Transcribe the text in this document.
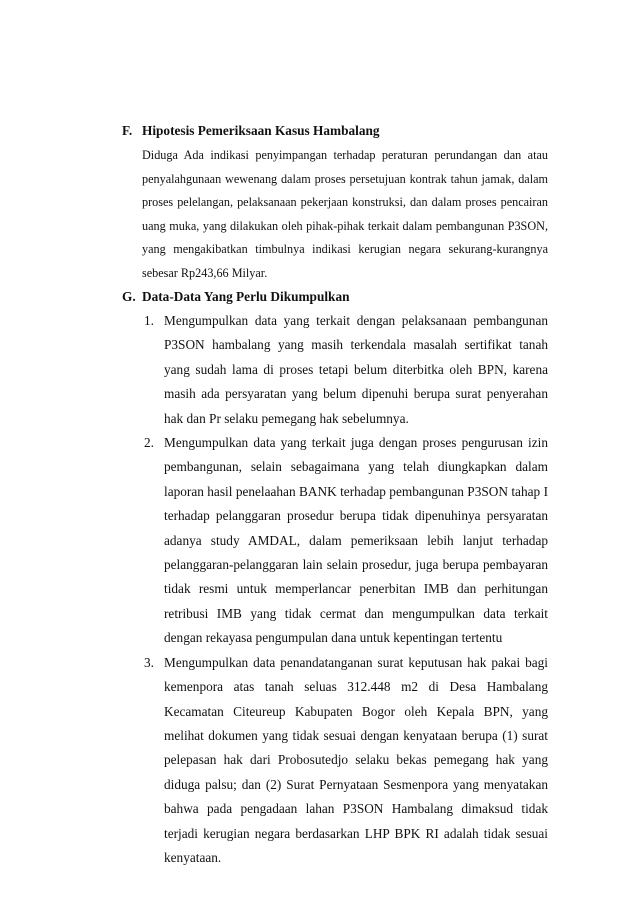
F. Hipotesis Pemeriksaan Kasus Hambalang

Diduga Ada indikasi penyimpangan terhadap peraturan perundangan dan atau penyalahgunaan wewenang dalam proses persetujuan kontrak tahun jamak, dalam proses pelelangan, pelaksanaan pekerjaan konstruksi, dan dalam proses pencairan uang muka, yang dilakukan oleh pihak-pihak terkait dalam pembangunan P3SON, yang mengakibatkan timbulnya indikasi kerugian negara sekurang-kurangnya sebesar Rp243,66 Milyar.

G. Data-Data Yang Perlu Dikumpulkan
1. Mengumpulkan data yang terkait dengan pelaksanaan pembangunan P3SON hambalang yang masih terkendala masalah sertifikat tanah yang sudah lama di proses tetapi belum diterbitka oleh BPN, karena masih ada persyaratan yang belum dipenuhi berupa surat penyerahan hak dan Pr selaku pemegang hak sebelumnya.
2. Mengumpulkan data yang terkait juga dengan proses pengurusan izin pembangunan, selain sebagaimana yang telah diungkapkan dalam laporan hasil penelaahan BANK terhadap pembangunan P3SON tahap I terhadap pelanggaran prosedur berupa tidak dipenuhinya persyaratan adanya study AMDAL, dalam pemeriksaan lebih lanjut terhadap pelanggaran-pelanggaran lain selain prosedur, juga berupa pembayaran tidak resmi untuk memperlancar penerbitan IMB dan perhitungan retribusi IMB yang tidak cermat dan mengumpulkan data terkait dengan rekayasa pengumpulan dana untuk kepentingan tertentu
3. Mengumpulkan data penandatanganan surat keputusan hak pakai bagi kemenpora atas tanah seluas 312.448 m2 di Desa Hambalang Kecamatan Citeureup Kabupaten Bogor oleh Kepala BPN, yang melihat dokumen yang tidak sesuai dengan kenyataan berupa (1) surat pelepasan hak dari Probosutedjo selaku bekas pemegang hak yang diduga palsu; dan (2) Surat Pernyataan Sesmenpora yang menyatakan bahwa pada pengadaan lahan P3SON Hambalang dimaksud tidak terjadi kerugian negara berdasarkan LHP BPK RI adalah tidak sesuai kenyataan.
